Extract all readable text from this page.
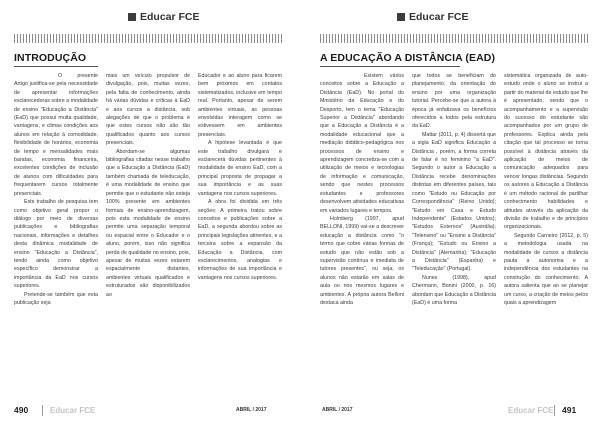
Educar FCE
INTRODUÇÃO

O presente Artigo justifica-se pela necessidade de apresentar informações esclarecedoras sobre a modalidade de ensino "Educação a Distância" (EaD) que possui muita qualidade, vantagens, e climas condições aos alunos em relação à comodidade, flexibilidade de horários, economia de tempo e mensalidades mais baratas, economia financeira, excelentes condições de inclusão de alunos com dificuldades para frequentarem cursos totalmente presenciais.

Este trabalho de pesquisa tem como objetivo geral propor o diálogo por meio de diversas publicações e bibliografias nacionais, informações e detalhes desta dinâmica modalidade de ensino "Educação a Distância", tendo ainda como objetivo específico demonstrar a importância da EaD nos cursos superiores.

Pretende-se também que esta publicação seja

mais um veículo propulsor de divulgação, pois, muitas vezes, pela falta de conhecimento, ainda há várias dúvidas e críticas à EaD e aos cursos a distância, sob alegações de que o problema é que estes cursos não são tão qualificados quanto aos cursos presenciais.

Abordam-se algumas bibliografias citadas nesse trabalho que a Educação a Distância (EaD) também chamada de teleducação, é uma modalidade de ensino que permite que o estudante não esteja 100% presente em ambientes formais de ensino-aprendizagem, pois esta modalidade de ensino permite uma separação temporal ou espacial entre o Educador e o aluno, porém, isso não significa perda de qualidade no ensino, pois, apesar de muitas vezes estarem espacialmente distantes, ambientes virtuais qualificados e estruturados são disponibilizados ao

Educador e ao aluno para ficarem bem próximos em contatos sistematizados, inclusive em tempo real. Portanto, apesar de serem ambientes virtuais, as pessoas envolvidas interagem como se estivessem em ambientes presenciais.

A hipótese levantada é que este trabalho divulgará e esclarecerá dúvidas pertinentes à modalidade de ensino EaD, com a principal proposta de propagar a sua importância e as suas vantagens nos cursos superiores.

A obra foi dividida em três seções: A primeira tratou sobre conceitos e publicações sobre a EaD, a segunda abordou sobre as principais legislações atinentes, e a terceira sobre a expansão da Educação a Distância, com esclarecimentos, analogias e informações de sua importância e vantagens nos cursos superiores.

490	Educar FCE	ABRIL / 2017
Educar FCE
A EDUCAÇÃO A DISTÂNCIA (EAD)

Existem vários conceitos sobre a Educação a Distância (EaD). No portal do Ministério da Educação e do Desporto, tem o tema "Educação Superior a Distância" abordando que a Educação a Distância é a modalidade educacional que a mediação didático-pedagógica nos processos de ensino e aprendizagem concretiza-se com a utilização de meios e tecnologias de informação e comunicação, sendo que nestes processos estudantes e professores desenvolvem atividades educativas em variados lugares e tempos.

Holmberg (1997, apud BELLONI, 1999) vai-se a descrever educação a distância como "o termo que cobre várias formas de estudo que não estão sob a supervisão contínua e imediata de tutores presentes", ou seja, os alunos não estarão em salas de aula ou nos mesmos lugares e ambientes. A própria autora Belloni destaca ainda

que todos se beneficiam do planejamento, da orientação do ensino por uma organização tutorial. Percebe-se que a autora à época já enfatizava os benefícios oferecidos a todos pela estrutura da EaD.

Mattar (2011, p. 4) dissertá que a sigla EaD significa Educação a Distância , porém, a forma correta de falar é no feminino "a EaD". Segundo o autor a Educação a Distância recebe denominações distintas em diferentes países, tais como "Estudo ou Educação por Correspondência" (Reino Unido); "Estudo em Casa e Estudo Independente" (Estados Unidos); "Estudos Externos" (Austrália); "Telensino" ou "Ensino a Distância" (França); "Estudo ou Ensino a Distância" (Alemanha); "Educação a Distância" (Espanha) e "Teleducação" (Portugal).

Nunes (1998), apud Chermann, Bonini (2000, p. 16) abordam que Educação a Distância (EaD) é uma forma

sistemática organizada de auto-estudo onde o aluno se instrui a partir do material de estudo que lhe é apresentado, sendo que o acompanhamento e a supervisão do sucesso do estudante são acompanhados por um grupo de professores. Explica ainda pela citação que tal processo se torna possível à distância através da aplicação de meios de comunicação adequados para vencer longas distâncias. Segundo os autores a Educação a Distância é um método racional de partilhar conhecimento habilidades e atitudes através da aplicação da divisão de trabalho e de princípios organizacionais.

Segundo Carneiro (2012, p. 5) a metodologia usada na modalidade de cursos a distância pauta a autonomia e a independência dos estudantes na construção do conhecimento. A autora salienta que ao se planejar um curso, a criação de meios pelos quais a aprendizagem

ABRIL / 2017	Educar FCE 491
